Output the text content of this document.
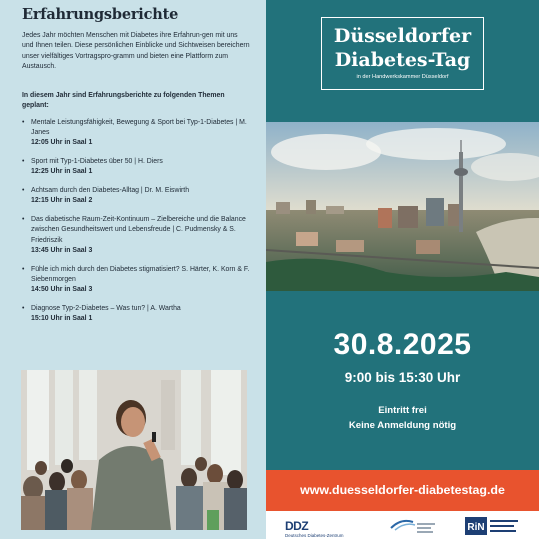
Erfahrungsberichte

Jedes Jahr möchten Menschen mit Diabetes ihre Erfahrun-gen mit uns und Ihnen teilen. Diese persönlichen Einblicke und Sichtweisen bereichern unser vielfältiges Vortragspro-gramm und bieten eine Plattform zum Austausch.

In diesem Jahr sind Erfahrungsberichte zu folgenden Themen geplant:

• Mentale Leistungsfähigkeit, Bewegung & Sport bei Typ-1-Diabetes | M. Janes
12:05 Uhr in Saal 1
• Sport mit Typ-1-Diabetes über 50 | H. Diers
12:25 Uhr in Saal 1
• Achtsam durch den Diabetes-Alltag | Dr. M. Eiswirth
12:15 Uhr in Saal 2
• Das diabetische Raum-Zeit-Kontinuum – Zielbereiche und die Balance zwischen Gesundheitswert und Lebensfreude | C. Pudmensky & S. Friedriszik
13:45 Uhr in Saal 3
• Fühle ich mich durch den Diabetes stigmatisiert? S. Härter, K. Korn & F. Siebenmorgen
14:50 Uhr in Saal 3
• Diagnose Typ-2-Diabetes – Was tun? | A. Wartha
15:10 Uhr in Saal 1
Düsseldorfer
Diabetes-Tag
in der Handwerkskammer Düsseldorf
30.8.2025
9:00 bis 15:30 Uhr
Eintritt frei
Keine Anmeldung nötig
www.duesseldorfer-diabetestag.de
DDZ
Deutsches Diabetes-Zentrum
RiN
